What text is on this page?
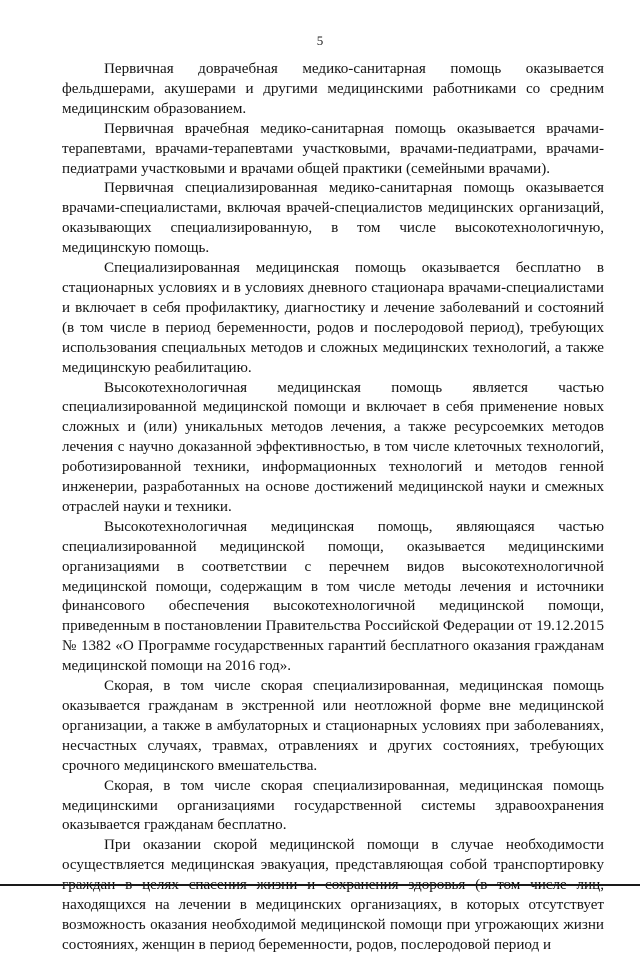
5

Первичная доврачебная медико-санитарная помощь оказывается фельдшерами, акушерами и другими медицинскими работниками со средним медицинским образованием.

Первичная врачебная медико-санитарная помощь оказывается врачами-терапевтами, врачами-терапевтами участковыми, врачами-педиатрами, врачами-педиатрами участковыми и врачами общей практики (семейными врачами).

Первичная специализированная медико-санитарная помощь оказывается врачами-специалистами, включая врачей-специалистов медицинских организаций, оказывающих специализированную, в том числе высокотехнологичную, медицинскую помощь.

Специализированная медицинская помощь оказывается бесплатно в стационарных условиях и в условиях дневного стационара врачами-специалистами и включает в себя профилактику, диагностику и лечение заболеваний и состояний (в том числе в период беременности, родов и послеродовой период), требующих использования специальных методов и сложных медицинских технологий, а также медицинскую реабилитацию.

Высокотехнологичная медицинская помощь является частью специализированной медицинской помощи и включает в себя применение новых сложных и (или) уникальных методов лечения, а также ресурсоемких методов лечения с научно доказанной эффективностью, в том числе клеточных технологий, роботизированной техники, информационных технологий и методов генной инженерии, разработанных на основе достижений медицинской науки и смежных отраслей науки и техники.

Высокотехнологичная медицинская помощь, являющаяся частью специализированной медицинской помощи, оказывается медицинскими организациями в соответствии с перечнем видов высокотехнологичной медицинской помощи, содержащим в том числе методы лечения и источники финансового обеспечения высокотехнологичной медицинской помощи, приведенным в постановлении Правительства Российской Федерации от 19.12.2015 № 1382 «О Программе государственных гарантий бесплатного оказания гражданам медицинской помощи на 2016 год».

Скорая, в том числе скорая специализированная, медицинская помощь оказывается гражданам в экстренной или неотложной форме вне медицинской организации, а также в амбулаторных и стационарных условиях при заболеваниях, несчастных случаях, травмах, отравлениях и других состояниях, требующих срочного медицинского вмешательства.

Скорая, в том числе скорая специализированная, медицинская помощь медицинскими организациями государственной системы здравоохранения оказывается гражданам бесплатно.

При оказании скорой медицинской помощи в случае необходимости осуществляется медицинская эвакуация, представляющая собой транспортировку находящихся на лечении в медицинских организациях, в которых отсутствует возможность оказания необходимой медицинской помощи при угрожающих жизни состояниях, женщин в период беременности, родов, послеродовой период и
